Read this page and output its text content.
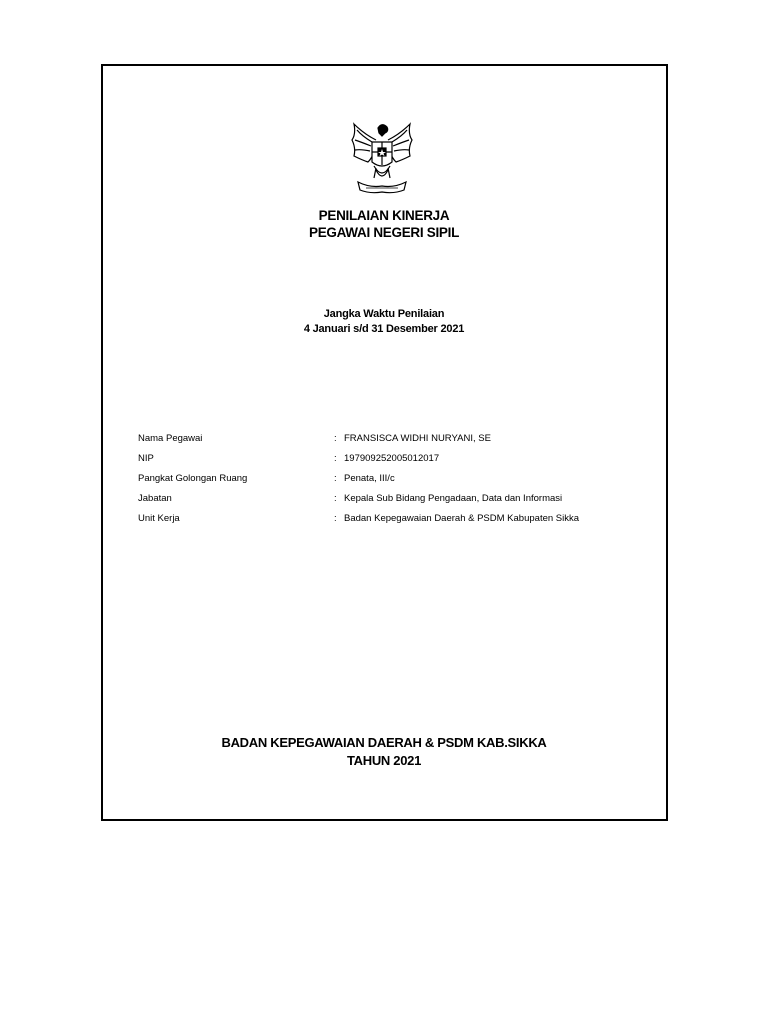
PENILAIAN KINERJA
PEGAWAI NEGERI SIPIL
Jangka Waktu Penilaian
4 Januari s/d 31 Desember 2021
Nama Pegawai	: FRANSISCA WIDHI NURYANI, SE
NIP	: 197909252005012017
Pangkat Golongan Ruang	: Penata, III/c
Jabatan	: Kepala Sub Bidang Pengadaan, Data dan Informasi
Unit Kerja	: Badan Kepegawaian Daerah & PSDM Kabupaten Sikka
BADAN KEPEGAWAIAN DAERAH & PSDM KAB.SIKKA
TAHUN 2021
